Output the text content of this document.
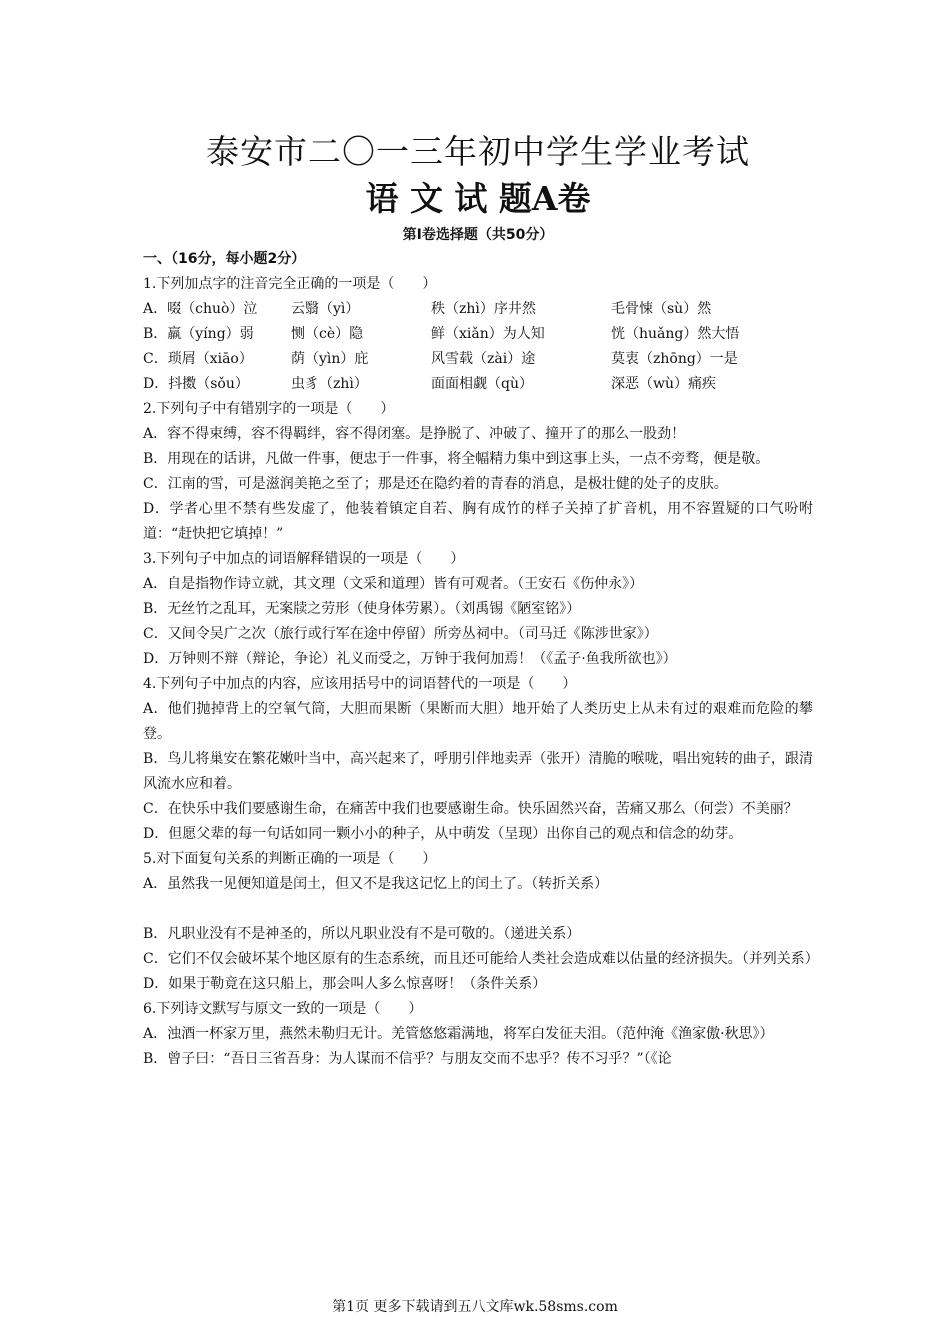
泰安市二〇一三年初中学生学业考试
语 文 试 题A卷
第Ⅰ卷选择题（共50分）
一、（16分，每小题2分）
1.下列加点字的注音完全正确的一项是（　　）
A．啜（chuò）泣	云翳（yì）	秩（zhì）序井然	毛骨悚（sù）然
B．羸（yíng）弱	恻（cè）隐	鲜（xiǎn）为人知	恍（huǎng）然大悟
C．琐屑（xiāo）	荫（yìn）庇	风雪载（zài）途	莫衷（zhōng）一是
D．抖擞（sǒu）	虫豸（zhì）	面面相觑（qù）	深恶（wù）痛疾
2.下列句子中有错别字的一项是（　　）
A．容不得束缚，容不得羁绊，容不得闭塞。是挣脱了、冲破了、撞开了的那么一股劲！
B．用现在的话讲，凡做一件事，便忠于一件事，将全幅精力集中到这事上头，一点不旁骛，便是敬。
C．江南的雪，可是滋润美艳之至了；那是还在隐约着的青春的消息，是极壮健的处子的皮肤。
D．学者心里不禁有些发虚了，他装着镇定自若、胸有成竹的样子关掉了扩音机，用不容置疑的口气吩咐道：“赶快把它填掉！”
3.下列句子中加点的词语解释错误的一项是（　　）
A．自是指物作诗立就，其文理（文采和道理）皆有可观者。（王安石《伤仲永》）
B．无丝竹之乱耳，无案牍之劳形（使身体劳累）。（刘禹锡《陋室铭》）
C．又间令吴广之次（旅行或行军在途中停留）所旁丛祠中。（司马迁《陈涉世家》）
D．万钟则不辩（辩论，争论）礼义而受之，万钟于我何加焉！（《孟子·鱼我所欲也》）
4.下列句子中加点的内容，应该用括号中的词语替代的一项是（　　）
A．他们抛掉背上的空氧气筒，大胆而果断（果断而大胆）地开始了人类历史上从未有过的艰难而危险的攀登。
B．鸟儿将巢安在繁花嫩叶当中，高兴起来了，呼朋引伴地卖弄（张开）清脆的喉咙，唱出宛转的曲子，跟清风流水应和着。
C．在快乐中我们要感谢生命，在痛苦中我们也要感谢生命。快乐固然兴奋，苦痛又那么（何尝）不美丽？
D．但愿父辈的每一句话如同一颗小小的种子，从中萌发（呈现）出你自己的观点和信念的幼芽。
5.对下面复句关系的判断正确的一项是（　　）
A．虽然我一见便知道是闰土，但又不是我这记忆上的闰土了。（转折关系）
B．凡职业没有不是神圣的，所以凡职业没有不是可敬的。（递进关系）
C．它们不仅会破坏某个地区原有的生态系统，而且还可能给人类社会造成难以估量的经济损失。（并列关系）
D．如果于勒竟在这只船上，那会叫人多么惊喜呀！（条件关系）
6.下列诗文默写与原文一致的一项是（　　）
A．浊酒一杯家万里，燕然未勒归无计。羌管悠悠霜满地，将军白发征夫泪。（范仲淹《渔家傲·秋思》）
B．曾子曰：“吾日三省吾身：为人谋而不信乎？与朋友交而不忠乎？传不习乎？”（《论
第1页 更多下载请到五八文库wk.58sms.com
